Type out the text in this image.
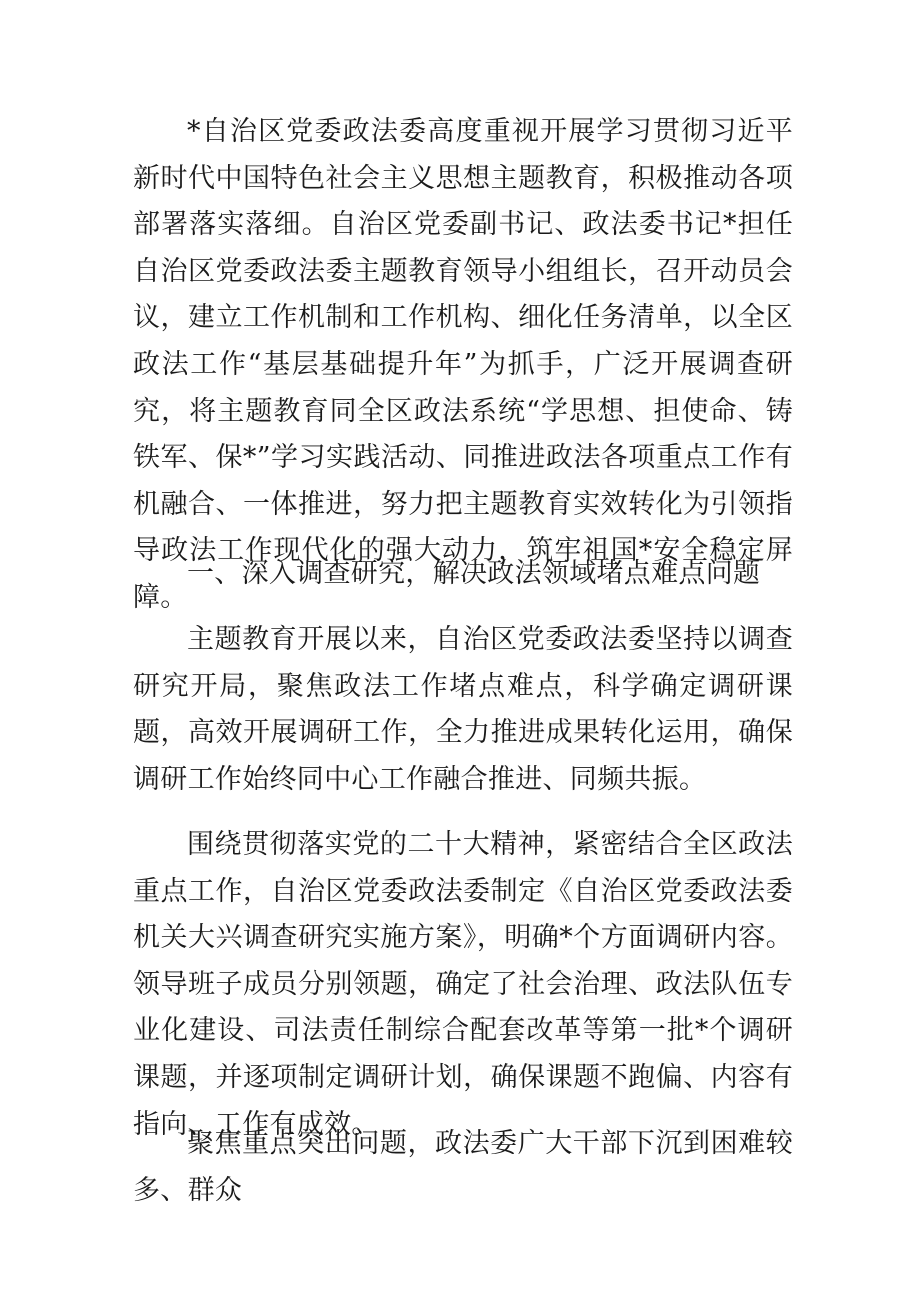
*自治区党委政法委高度重视开展学习贯彻习近平新时代中国特色社会主义思想主题教育，积极推动各项部署落实落细。自治区党委副书记、政法委书记*担任自治区党委政法委主题教育领导小组组长，召开动员会议，建立工作机制和工作机构、细化任务清单，以全区政法工作“基层基础提升年”为抓手，广泛开展调查研究，将主题教育同全区政法系统“学思想、担使命、铸铁军、保*”学习实践活动、同推进政法各项重点工作有机融合、一体推进，努力把主题教育实效转化为引领指导政法工作现代化的强大动力，筑牢祖国*安全稳定屏障。

一、深入调查研究，解决政法领域堵点难点问题

主题教育开展以来，自治区党委政法委坚持以调查研究开局，聚焦政法工作堵点难点，科学确定调研课题，高效开展调研工作，全力推进成果转化运用，确保调研工作始终同中心工作融合推进、同频共振。

围绕贯彻落实党的二十大精神，紧密结合全区政法重点工作，自治区党委政法委制定《自治区党委政法委机关大兴调查研究实施方案》，明确*个方面调研内容。领导班子成员分别领题，确定了社会治理、政法队伍专业化建设、司法责任制综合配套改革等第一批*个调研课题，并逐项制定调研计划，确保课题不跑偏、内容有指向、工作有成效。

聚焦重点突出问题，政法委广大干部下沉到困难较多、群众
